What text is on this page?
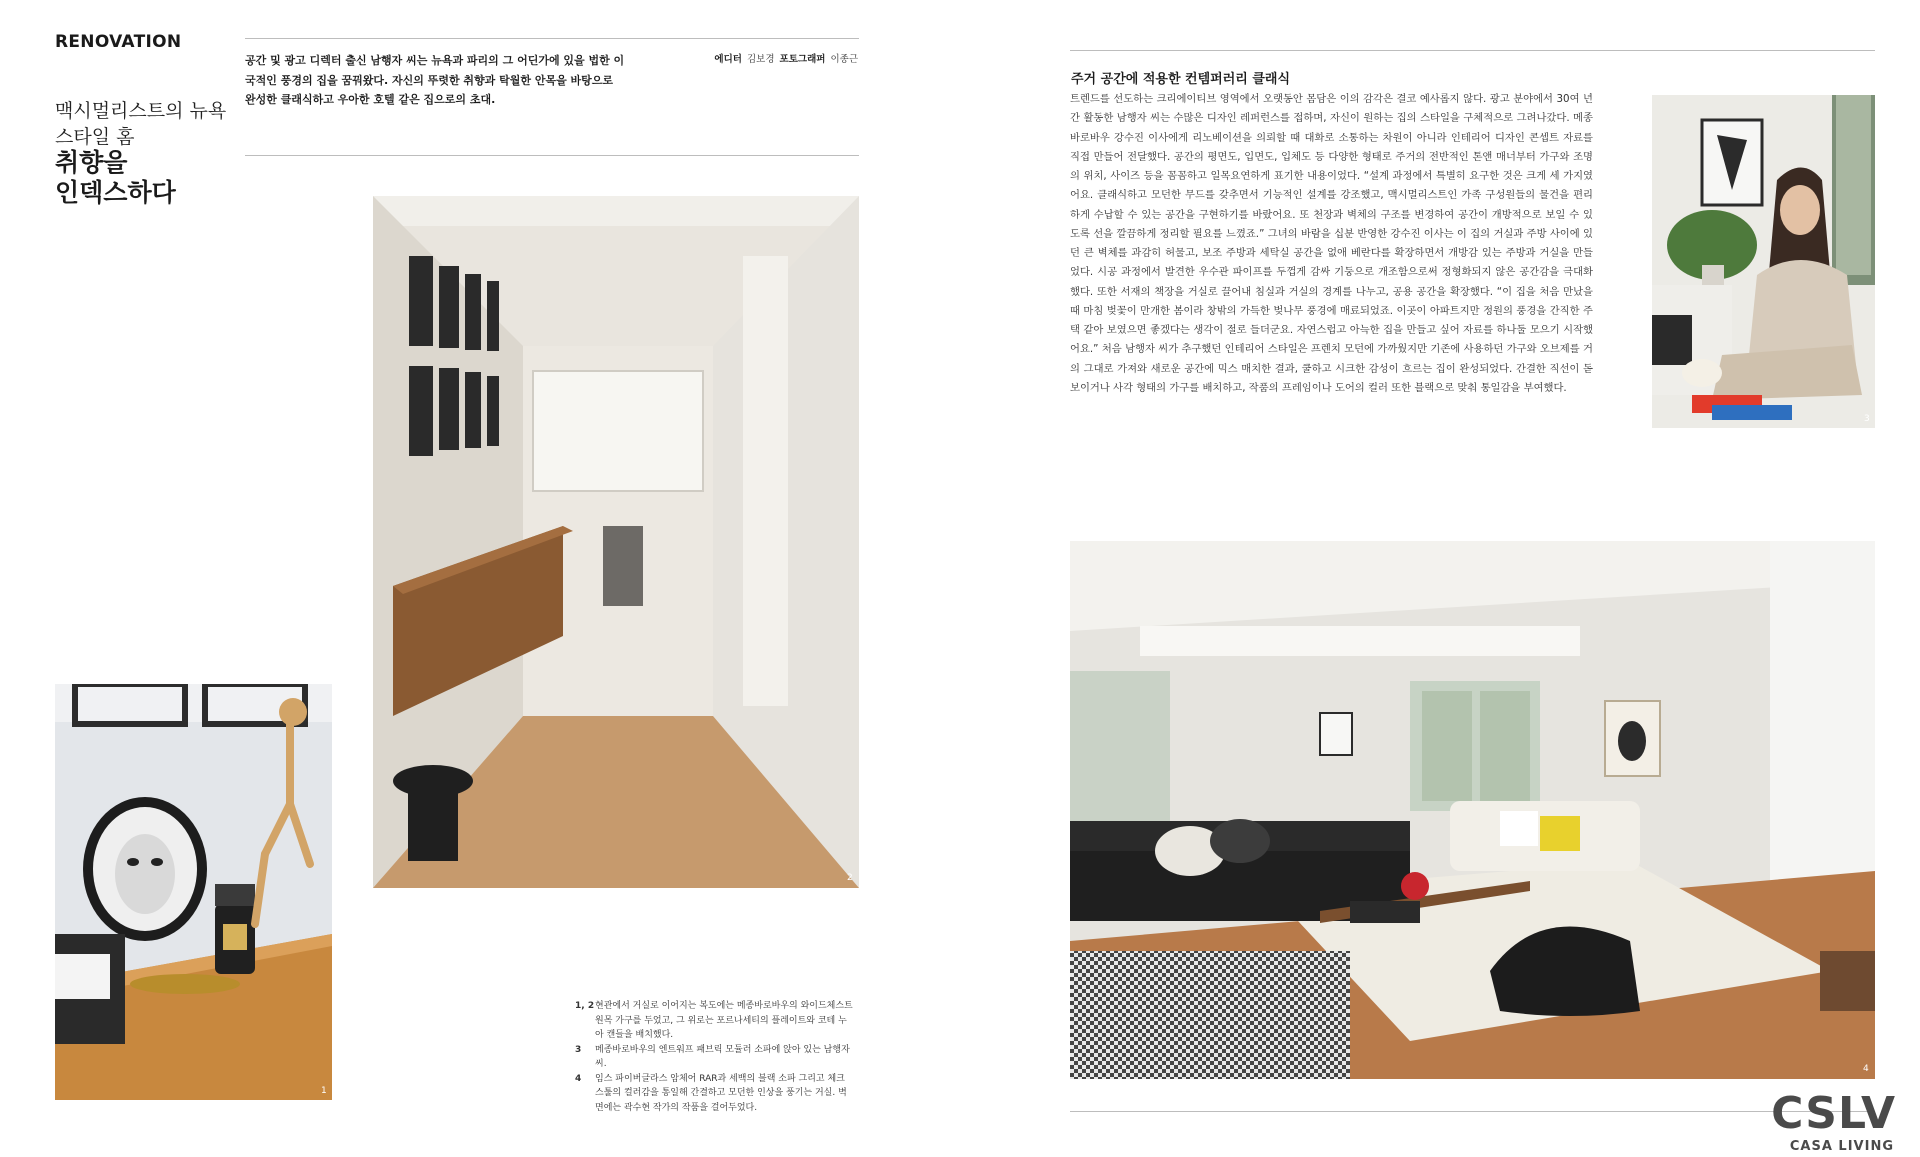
RENOVATION
맥시멀리스트의 뉴욕
스타일 홈
취향을
인덱스하다
공간 및 광고 디렉터 출신 남행자 씨는 뉴욕과 파리의 그 어딘가에 있을 법한 이국적인 풍경의 집을 꿈꿔왔다. 자신의 뚜렷한 취향과 탁월한 안목을 바탕으로 완성한 클래식하고 우아한 호텔 같은 집으로의 초대.
에디터 김보경 포토그래퍼 이종근
2
1
1, 2 현관에서 거실로 이어지는 복도에는 메종바로바우의 와이드체스트 원목 가구를 두었고, 그 위로는 포르나세티의 플레이트와 코테 누아 캔들을 배치했다.
3	메종바로바우의 엔트워프 패브릭 모듈러 소파에 앉아 있는 남행자 씨.
4	임스 파이버글라스 암체어 RAR과 세백의 블랙 소파 그리고 체크 스툴의 컬러감을 통일해 간결하고 모던한 인상을 풍기는 거실. 벽면에는 곽수현 작가의 작품을 걸어두었다.
주거 공간에 적용한 컨템퍼러리 클래식
트렌드를 선도하는 크리에이티브 영역에서 오랫동안 몸담은 이의 감각은 결코 예사롭지 않다. 광고 분야에서 30여 년간 활동한 남행자 씨는 수많은 디자인 레퍼런스를 접하며, 자신이 원하는 집의 스타일을 구체적으로 그려나갔다. 메종바로바우 강수진 이사에게 리노베이션을 의뢰할 때 대화로 소통하는 차원이 아니라 인테리어 디자인 콘셉트 자료를 직접 만들어 전달했다. 공간의 평면도, 입면도, 입체도 등 다양한 형태로 주거의 전반적인 톤앤 매너부터 가구와 조명의 위치, 사이즈 등을 꼼꼼하고 일목요연하게 표기한 내용이었다. “설계 과정에서 특별히 요구한 것은 크게 세 가지였어요. 클래식하고 모던한 무드를 갖추면서 기능적인 설계를 강조했고, 맥시멀리스트인 가족 구성원들의 물건을 편리하게 수납할 수 있는 공간을 구현하기를 바랐어요. 또 천장과 벽체의 구조를 변경하여 공간이 개방적으로 보일 수 있도록 선을 깔끔하게 정리할 필요를 느꼈죠.” 그녀의 바람을 십분 반영한 강수진 이사는 이 집의 거실과 주방 사이에 있던 큰 벽체를 과감히 허물고, 보조 주방과 세탁실 공간을 없애 베란다를 확장하면서 개방감 있는 주방과 거실을 만들었다. 시공 과정에서 발견한 우수관 파이프를 두껍게 감싸 기둥으로 개조함으로써 정형화되지 않은 공간감을 극대화했다. 또한 서재의 책장을 거실로 끌어내 침실과 거실의 경계를 나누고, 공용 공간을 확장했다. “이 집을 처음 만났을 때 마침 벚꽃이 만개한 봄이라 창밖의 가득한 벚나무 풍경에 매료되었죠. 이곳이 아파트지만 정원의 풍경을 간직한 주택 같아 보였으면 좋겠다는 생각이 절로 들더군요. 자연스럽고 아늑한 집을 만들고 싶어 자료를 하나둘 모으기 시작했어요.” 처음 남행자 씨가 추구했던 인테리어 스타일은 프렌치 모던에 가까웠지만 기존에 사용하던 가구와 오브제를 거의 그대로 가져와 새로운 공간에 믹스 매치한 결과, 쿨하고 시크한 감성이 흐르는 집이 완성되었다. 간결한 직선이 돋보이거나 사각 형태의 가구를 배치하고, 작품의 프레임이나 도어의 컬러 또한 블랙으로 맞춰 통일감을 부여했다.
3
4
CSLV
CASA LIVING
